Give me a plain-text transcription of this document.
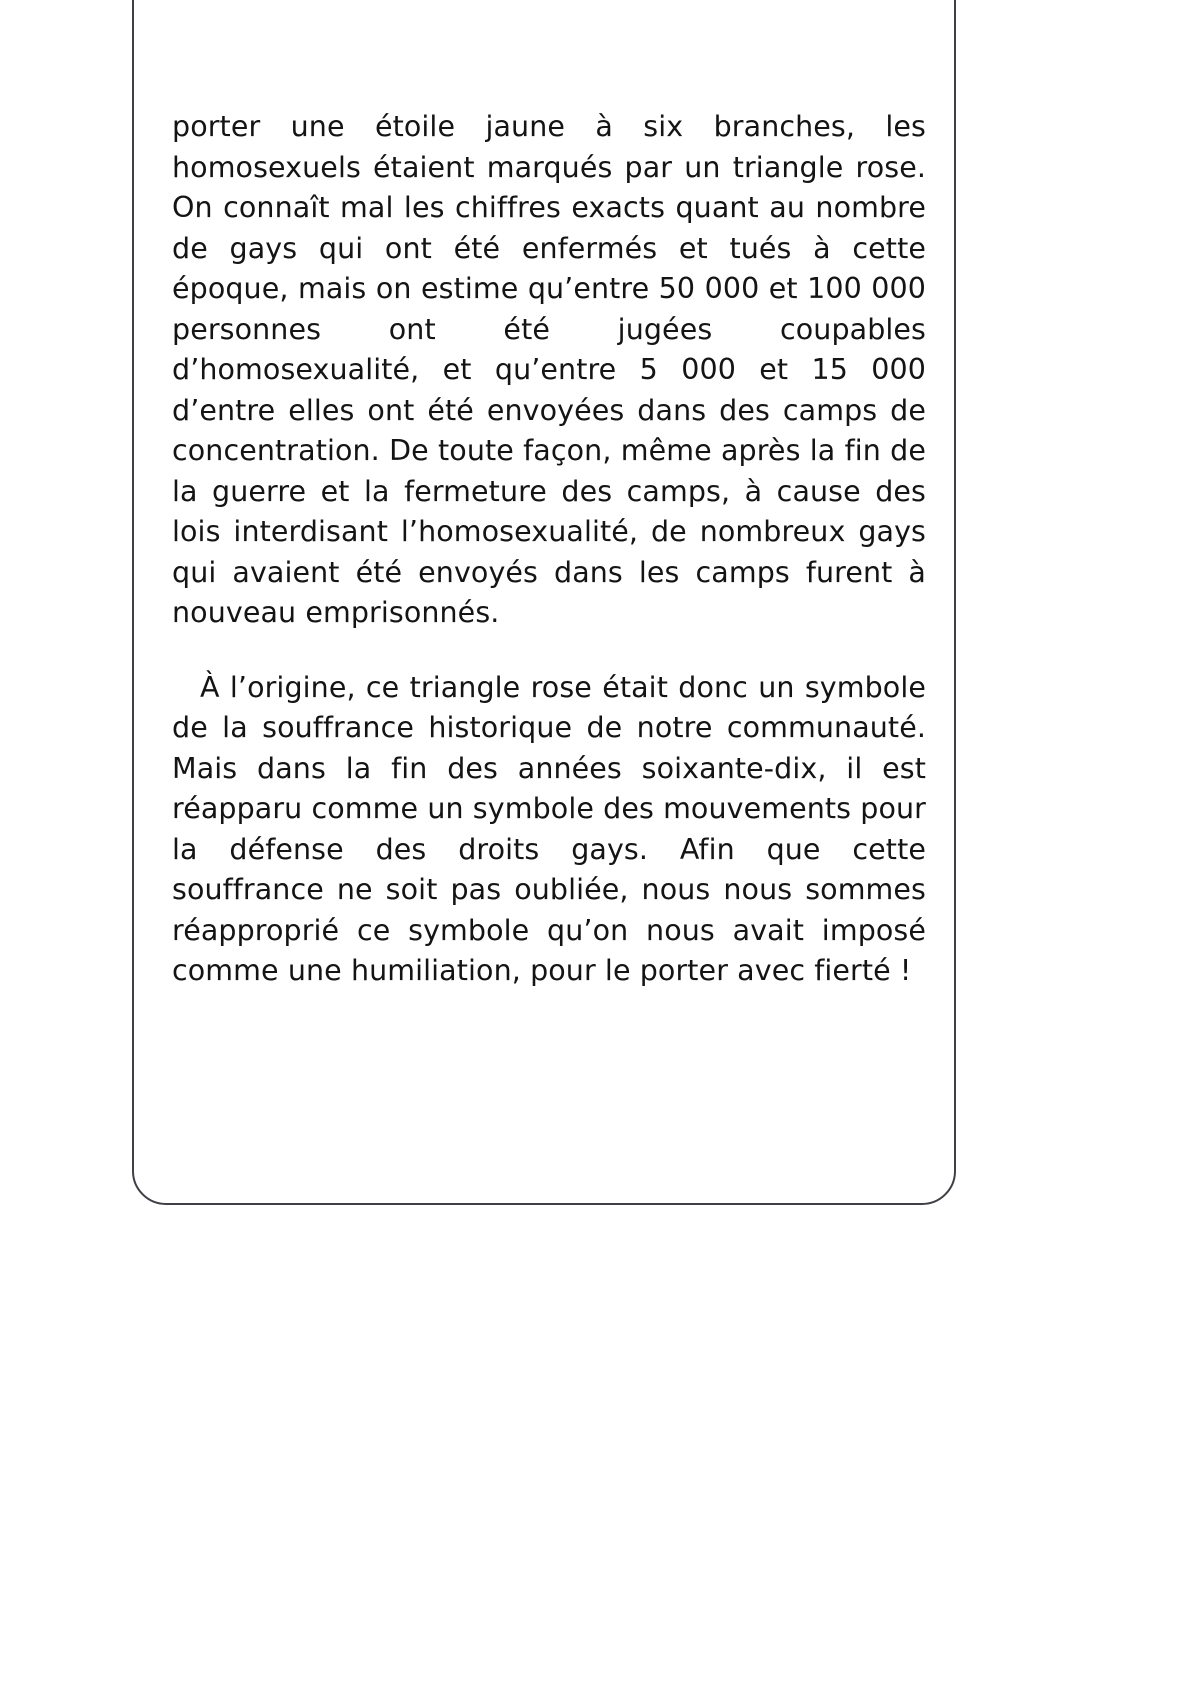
porter une étoile jaune à six branches, les homosexuels étaient marqués par un triangle rose. On connaît mal les chiffres exacts quant au nombre de gays qui ont été enfermés et tués à cette époque, mais on estime qu’entre 50 000 et 100 000 personnes ont été jugées coupables d’homosexualité, et qu’entre 5 000 et 15 000 d’entre elles ont été envoyées dans des camps de concentration. De toute façon, même après la fin de la guerre et la fermeture des camps, à cause des lois interdisant l’homosexualité, de nombreux gays qui avaient été envoyés dans les camps furent à nouveau emprisonnés.

À l’origine, ce triangle rose était donc un symbole de la souffrance historique de notre communauté. Mais dans la fin des années soixante-dix, il est réapparu comme un symbole des mouvements pour la défense des droits gays. Afin que cette souffrance ne soit pas oubliée, nous nous sommes réapproprié ce symbole qu’on nous avait imposé comme une humiliation, pour le porter avec fierté !
